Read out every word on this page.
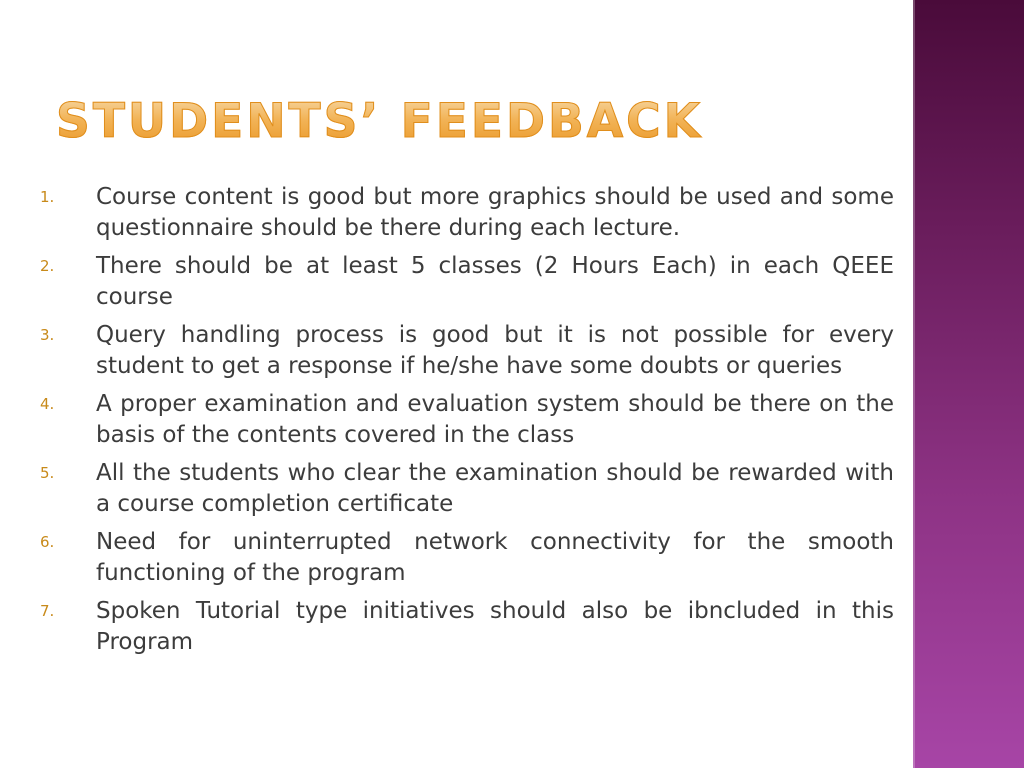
STUDENTS’ FEEDBACK
1.	Course content is good but more graphics should be used and some questionnaire should be there during each lecture.
2.	There should be at least 5 classes (2 Hours Each) in each QEEE course
3.	Query handling process is good but it is not possible for every student to get a response if he/she have some doubts or queries
4.	A proper examination and evaluation system should be there on the basis of the contents covered in the class
5.	All the students who clear the examination should be rewarded with a course completion certificate
6.	Need for uninterrupted network connectivity for the smooth functioning of the program
7.	Spoken Tutorial type initiatives should also be ibncluded in this Program
